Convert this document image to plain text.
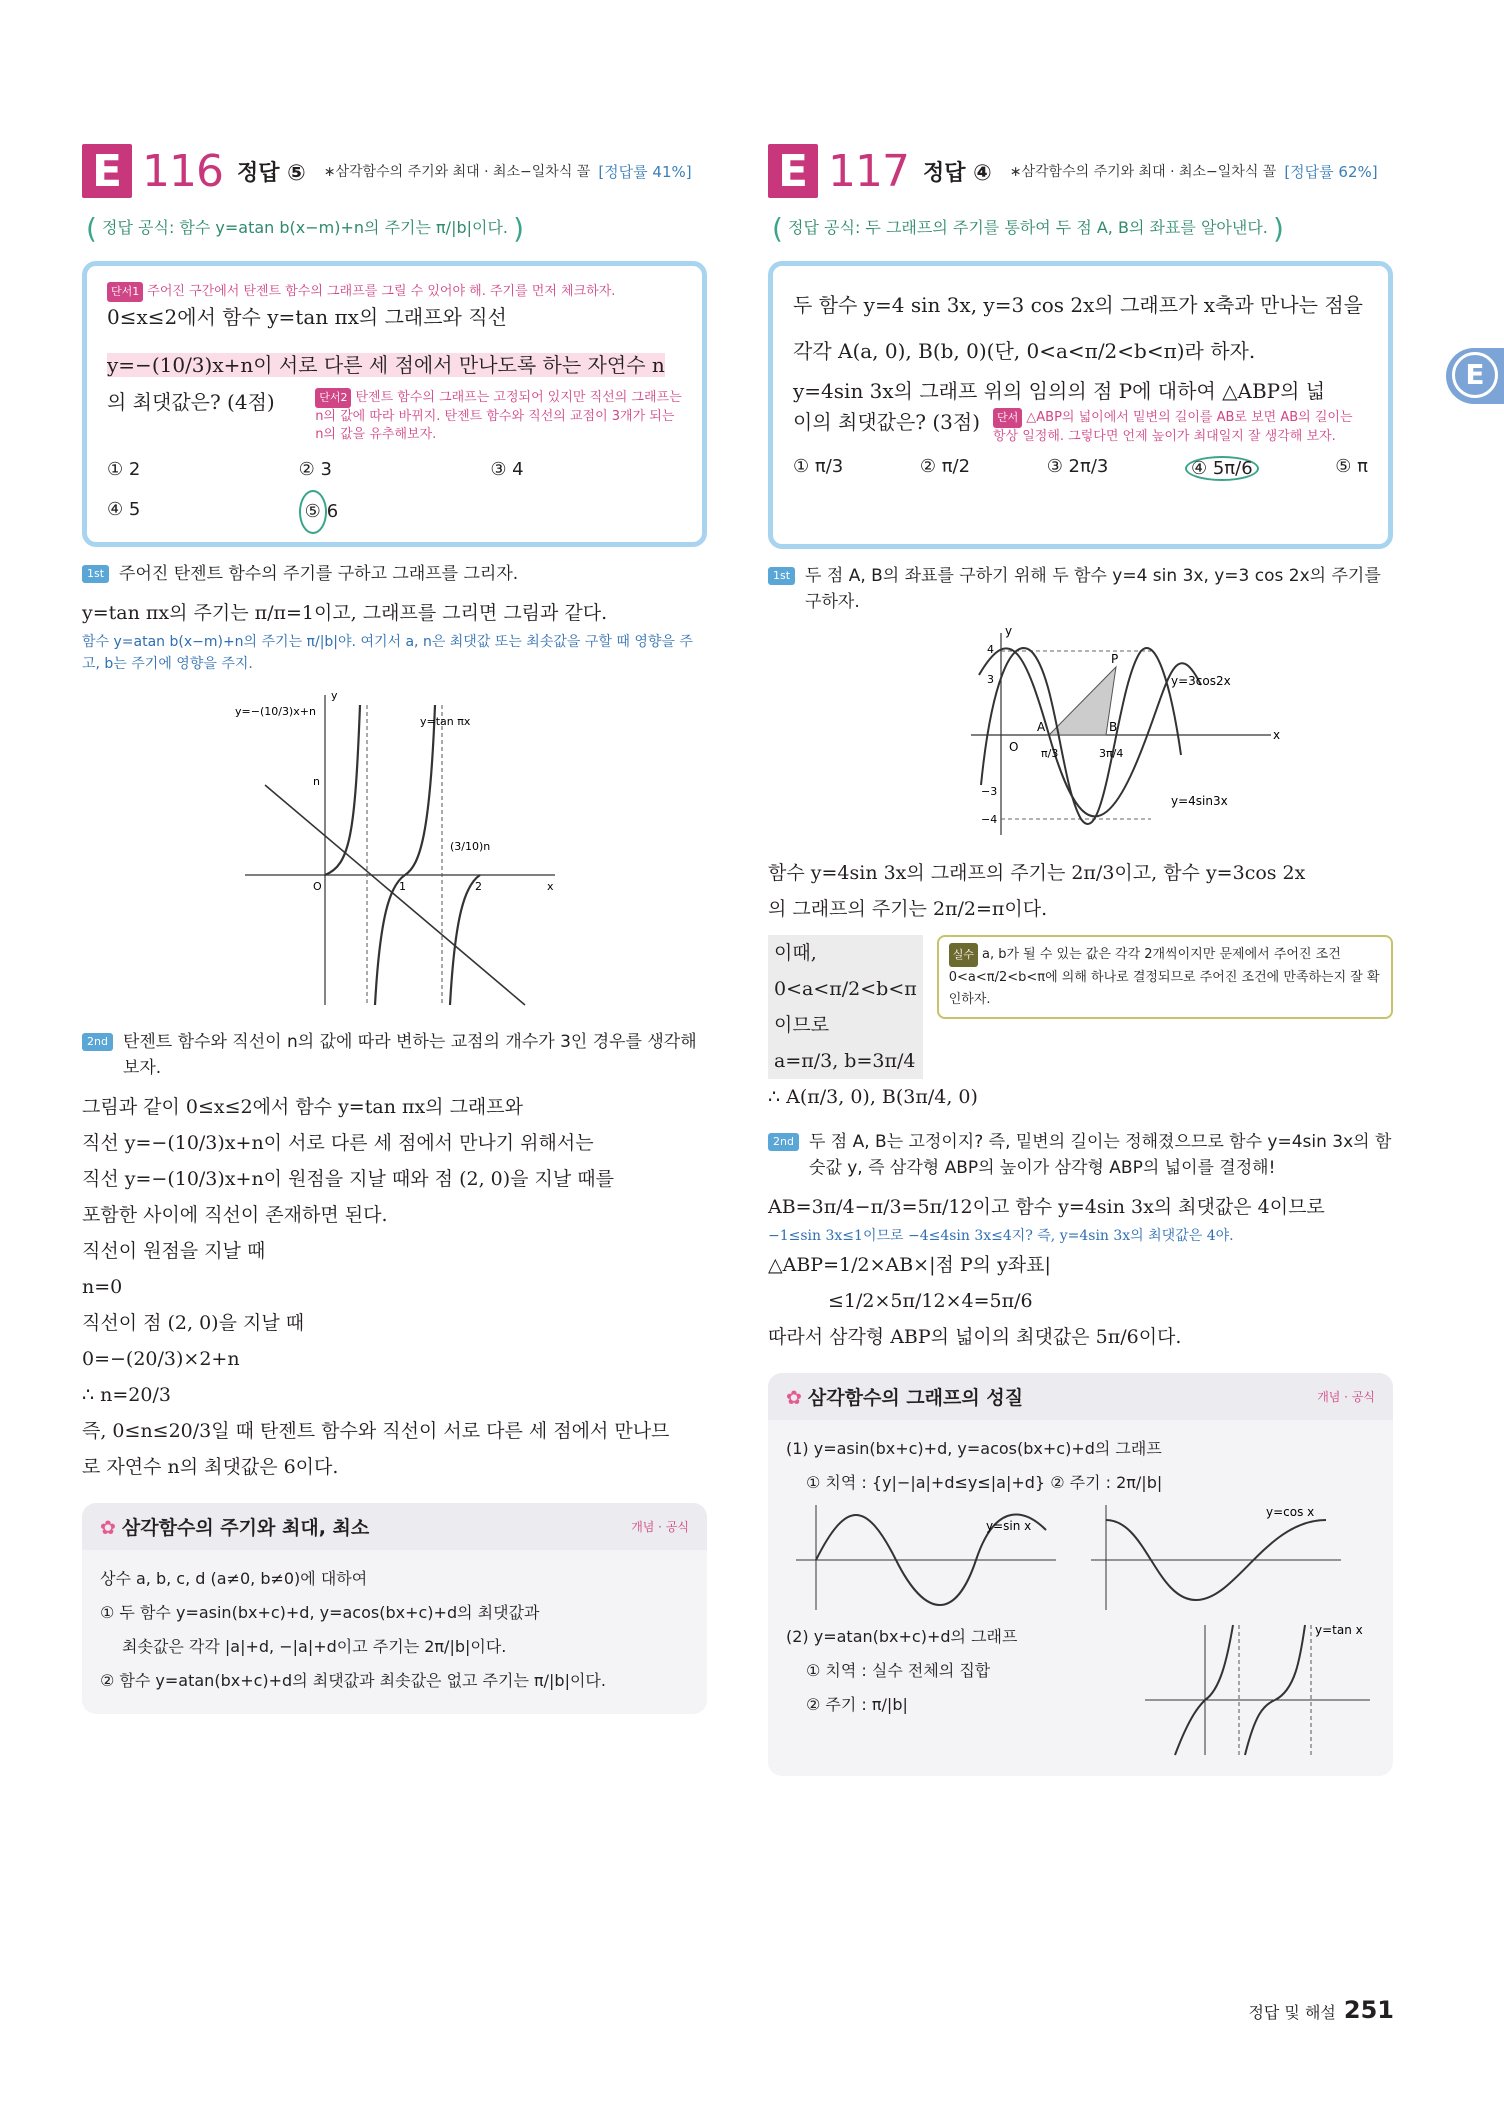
E 116 정답 ⑤ ∗삼각함수의 주기와 최대 · 최소−일차식 꼴 [정답률 41%]
( 정답 공식: 함수 y=atan b(x−m)+n의 주기는 π/|b|이다. )
단서1 주어진 구간에서 탄젠트 함수의 그래프를 그릴 수 있어야 해. 주기를 먼저 체크하자.
0≤x≤2에서 함수 y=tan πx의 그래프와 직선
y=−(10/3)x+n이 서로 다른 세 점에서 만나도록 하는 자연수 n
의 최댓값은? (4점)	단서2 탄젠트 함수의 그래프는 고정되어 있지만 직선의 그래프는 n의 값에 따라 바뀌지. 탄젠트 함수와 직선의 교점이 3개가 되는 n의 값을 유추해보자.
① 2	② 3	③ 4
④ 5	⑤ 6
1st 주어진 탄젠트 함수의 주기를 구하고 그래프를 그리자.
y=tan πx의 주기는 π/π=1이고, 그래프를 그리면 그림과 같다.
함수 y=atan b(x−m)+n의 주기는 π/|b|야. 여기서 a, n은 최댓값 또는 최솟값을 구할 때 영향을 주고, b는 주기에 영향을 주지.
y=−(10/3)x+n
y=tan πx
n
O	1	2	x
y
(3/10)n
2nd 탄젠트 함수와 직선이 n의 값에 따라 변하는 교점의 개수가 3인 경우를 생각해보자.
그림과 같이 0≤x≤2에서 함수 y=tan πx의 그래프와
직선 y=−(10/3)x+n이 서로 다른 세 점에서 만나기 위해서는
직선 y=−(10/3)x+n이 원점을 지날 때와 점 (2, 0)을 지날 때를
포함한 사이에 직선이 존재하면 된다.
직선이 원점을 지날 때
n=0
직선이 점 (2, 0)을 지날 때
0=−(20/3)×2+n
∴ n=20/3
즉, 0≤n≤20/3일 때 탄젠트 함수와 직선이 서로 다른 세 점에서 만나므
로 자연수 n의 최댓값은 6이다.
✿ 삼각함수의 주기와 최대, 최소	개념 · 공식
상수 a, b, c, d (a≠0, b≠0)에 대하여
① 두 함수 y=asin(bx+c)+d, y=acos(bx+c)+d의 최댓값과
최솟값은 각각 |a|+d, −|a|+d이고 주기는 2π/|b|이다.
② 함수 y=atan(bx+c)+d의 최댓값과 최솟값은 없고 주기는 π/|b|이다.
E 117 정답 ④ ∗삼각함수의 주기와 최대 · 최소−일차식 꼴 [정답률 62%]
( 정답 공식: 두 그래프의 주기를 통하여 두 점 A, B의 좌표를 알아낸다. )
두 함수 y=4 sin 3x, y=3 cos 2x의 그래프가 x축과 만나는 점을
각각 A(a, 0), B(b, 0)(단, 0<a<π/2<b<π)라 하자.
y=4sin 3x의 그래프 위의 임의의 점 P에 대하여 △ABP의 넓
이의 최댓값은? (3점)	단서 △ABP의 넓이에서 밑변의 길이를 AB로 보면 AB의 길이는 항상 일정해. 그렇다면 언제 높이가 최대일지 잘 생각해 보자.
① π/3	② π/2	③ 2π/3	④ 5π/6	⑤ π
1st 두 점 A, B의 좌표를 구하기 위해 두 함수 y=4 sin 3x, y=3 cos 2x의 주기를 구하자.
y=3cos2x
y=4sin3x
P
A	B
O
x
y
4
3
−3
−4
π/3	3π/4
함수 y=4sin 3x의 그래프의 주기는 2π/3이고, 함수 y=3cos 2x
의 그래프의 주기는 2π/2=π이다.
이때, 0<a<π/2<b<π이므로
a=π/3, b=3π/4
실수 a, b가 될 수 있는 값은 각각 2개씩이지만 문제에서 주어진 조건 0<a<π/2<b<π에 의해 하나로 결정되므로 주어진 조건에 만족하는지 잘 확인하자.
∴ A(π/3, 0), B(3π/4, 0)
2nd 두 점 A, B는 고정이지? 즉, 밑변의 길이는 정해졌으므로 함수 y=4sin 3x의 함숫값 y, 즉 삼각형 ABP의 높이가 삼각형 ABP의 넓이를 결정해!
AB=3π/4−π/3=5π/12이고 함수 y=4sin 3x의 최댓값은 4이므로
−1≤sin 3x≤1이므로 −4≤4sin 3x≤4지? 즉, y=4sin 3x의 최댓값은 4야.
△ABP=1/2×AB×|점 P의 y좌표|
≤1/2×5π/12×4=5π/6
따라서 삼각형 ABP의 넓이의 최댓값은 5π/6이다.
✿ 삼각함수의 그래프의 성질	개념 · 공식
(1) y=asin(bx+c)+d, y=acos(bx+c)+d의 그래프
① 치역 : {y|−|a|+d≤y≤|a|+d} ② 주기 : 2π/|b|
y=sin x
y=cos x
(2) y=atan(bx+c)+d의 그래프
① 치역 : 실수 전체의 집합
② 주기 : π/|b|
y=tan x
E
정답 및 해설 251
